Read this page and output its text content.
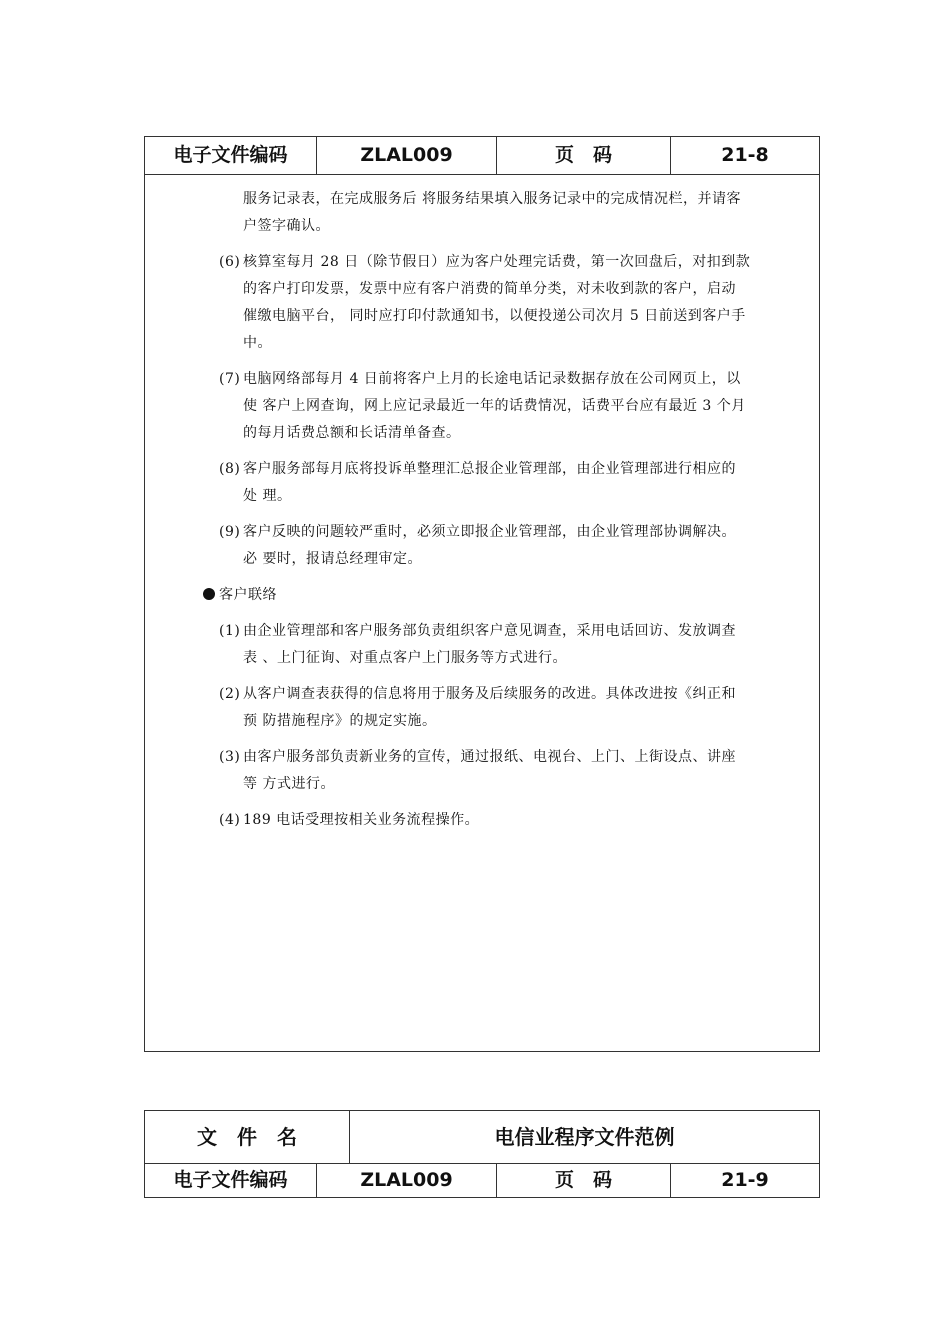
电子文件编码	ZLAL009	页　码	21-8
服务记录表，在完成服务后 将服务结果填入服务记录中的完成情况栏，并请客
户签字确认。
(6) 核算室每月 28 日（除节假日）应为客户处理完话费，第一次回盘后，对扣到款
的客户打印发票，发票中应有客户消费的简单分类，对未收到款的客户，启动
催缴电脑平台， 同时应打印付款通知书，以便投递公司次月 5 日前送到客户手
中。
(7) 电脑网络部每月 4 日前将客户上月的长途电话记录数据存放在公司网页上，以
使 客户上网查询，网上应记录最近一年的话费情况，话费平台应有最近 3 个月
的每月话费总额和长话清单备查。
(8) 客户服务部每月底将投诉单整理汇总报企业管理部，由企业管理部进行相应的
处 理。
(9) 客户反映的问题较严重时，必须立即报企业管理部，由企业管理部协调解决。
必 要时，报请总经理审定。
客户联络
(1) 由企业管理部和客户服务部负责组织客户意见调查，采用电话回访、发放调查
表 、上门征询、对重点客户上门服务等方式进行。
(2) 从客户调查表获得的信息将用于服务及后续服务的改进。具体改进按《纠正和
预 防措施程序》的规定实施。
(3) 由客户服务部负责新业务的宣传，通过报纸、电视台、上门、上街设点、讲座
等 方式进行。
(4) 189 电话受理按相关业务流程操作。
文　件　名	电信业程序文件范例
电子文件编码	ZLAL009	页　码	21-9
